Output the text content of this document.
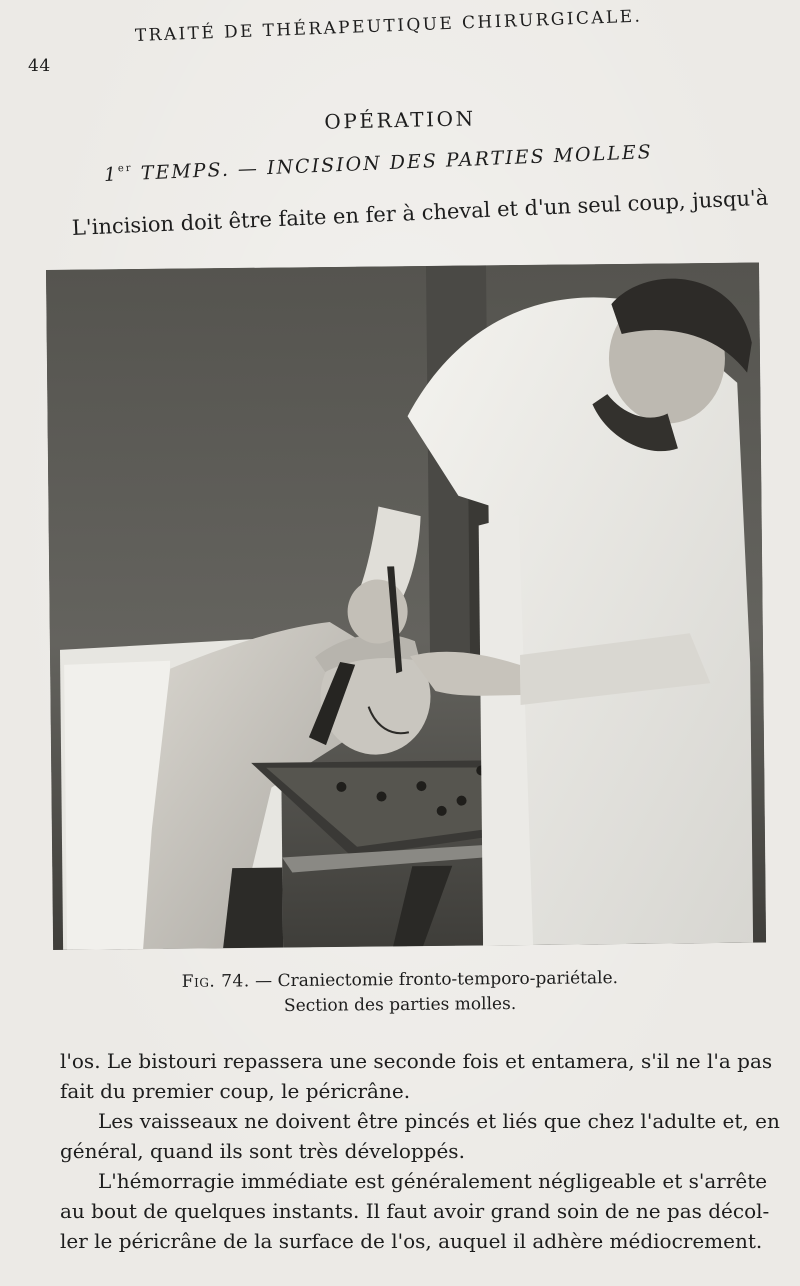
44
TRAITÉ DE THÉRAPEUTIQUE CHIRURGICALE.
OPÉRATION
1er TEMPS. — INCISION DES PARTIES MOLLES
L'incision doit être faite en fer à cheval et d'un seul coup, jusqu'à
Fig. 74. — Craniectomie fronto-temporo-pariétale.
Section des parties molles.

l'os. Le bistouri repassera une seconde fois et entamera, s'il ne l'a pas

fait du premier coup, le péricrâne.

Les vaisseaux ne doivent être pincés et liés que chez l'adulte et, en

général, quand ils sont très développés.

L'hémorragie immédiate est généralement négligeable et s'arrête

au bout de quelques instants. Il faut avoir grand soin de ne pas décol-

ler le péricrâne de la surface de l'os, auquel il adhère médiocrement.
